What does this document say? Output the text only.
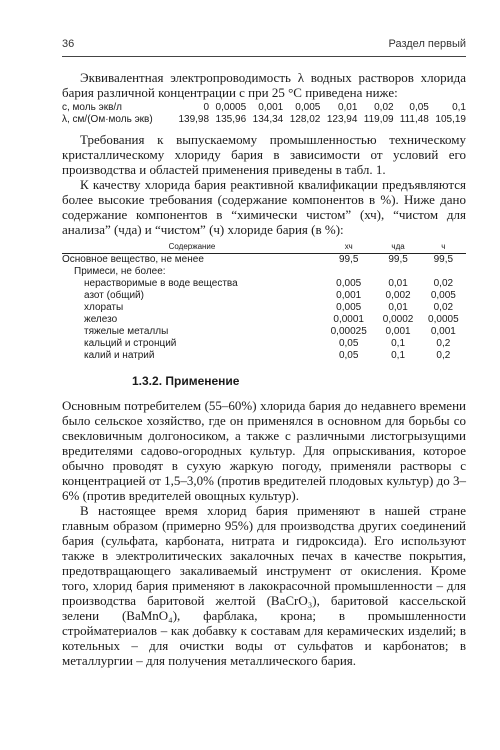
36	Раздел первый

Эквивалентная электропроводимость λ водных растворов хлорида бария различной концентрации c при 25 °С приведена ниже:

c, моль экв/л	0	0,0005	0,001	0,005	0,01	0,02	0,05	0,1
λ, см/(Ом·моль экв)	139,98	135,96	134,34	128,02	123,94	119,09	111,48	105,19

Требования к выпускаемому промышленностью техническому кристаллическому хлориду бария в зависимости от условий его производства и областей применения приведены в табл. 1.

К качеству хлорида бария реактивной квалификации предъявляются более высокие требования (содержание компонентов в %). Ниже дано содержание компонентов в “химически чистом” (хч), “чистом для анализа” (чда) и “чистом” (ч) хлориде бария (в %):

Содержание	хч	чда	ч
Основное вещество, не менее	99,5	99,5	99,5
Примеси, не более:			
нерастворимые в воде вещества	0,005	0,01	0,02
азот (общий)	0,001	0,002	0,005
хлораты	0,005	0,01	0,02
железо	0,0001	0,0002	0,0005
тяжелые металлы	0,00025	0,001	0,001
кальций и стронций	0,05	0,1	0,2
калий и натрий	0,05	0,1	0,2
1.3.2. Применение

Основным потребителем (55–60%) хлорида бария до недавнего времени было сельское хозяйство, где он применялся в основном для борьбы со свекловичным долгоносиком, а также с различными листогрызущими вредителями садово-огородных культур. Для опрыскивания, которое обычно проводят в сухую жаркую погоду, применяли растворы с концентрацией от 1,5–3,0% (против вредителей плодовых культур) до 3–6% (против вредителей овощных культур).

В настоящее время хлорид бария применяют в нашей стране главным образом (примерно 95%) для производства других соединений бария (сульфата, карбоната, нитрата и гидроксида). Его используют также в электролитических закалочных печах в качестве покрытия, предотвращающего закаливаемый инструмент от окисления. Кроме того, хлорид бария применяют в лакокрасочной промышленности – для производства баритовой желтой (BaCrO₃), баритовой кассельской зелени (BaMnO₄), фарблака, крона; в промышленности стройматериалов – как добавку к составам для керамических изделий; в котельных – для очистки воды от сульфатов и карбонатов; в металлургии – для получения металлического бария.
